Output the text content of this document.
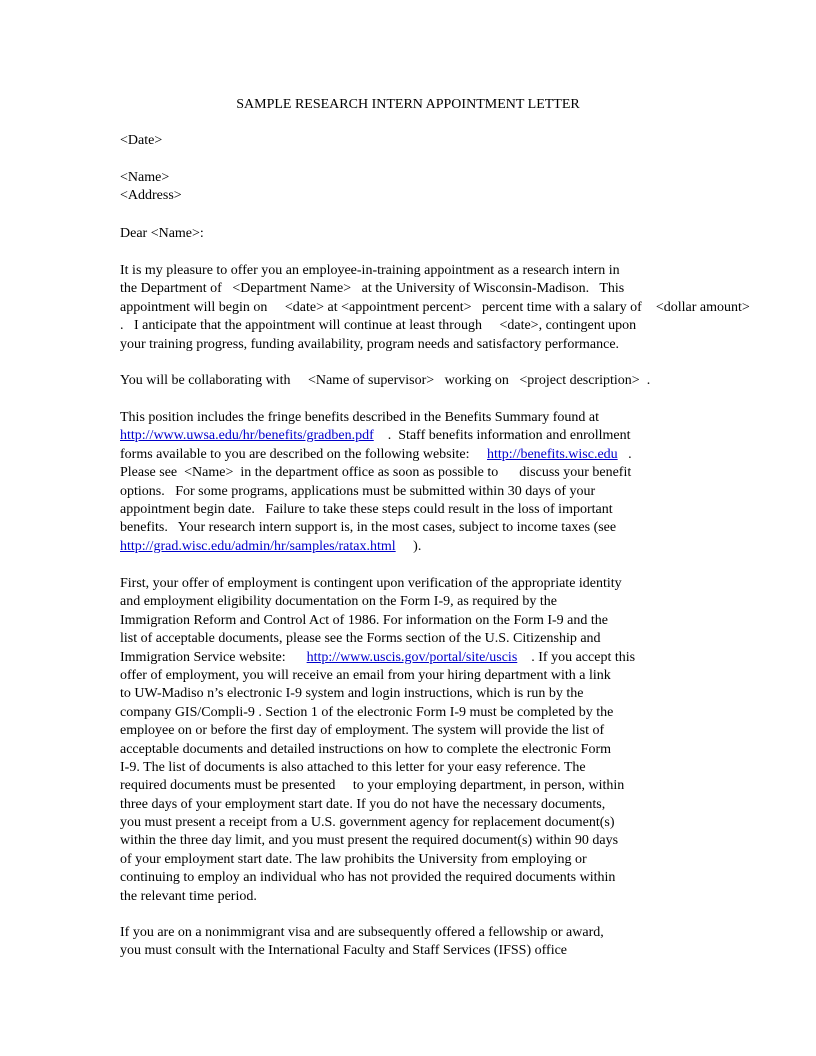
SAMPLE RESEARCH INTERN APPOINTMENT LETTER
<Date>
<Name>
<Address>
Dear <Name>:
It is my pleasure to offer you an employee-in-training appointment as a research intern in
the Department of   <Department Name>   at the University of Wisconsin-Madison.   This
appointment will begin on     <date> at <appointment percent>   percent time with a salary of    <dollar amount>
.   I anticipate that the appointment will continue at least through     <date>, contingent upon
your training progress, funding availability, program needs and satisfactory performance.
You will be collaborating with     <Name of supervisor>   working on   <project description>  .
This position includes the fringe benefits described in the Benefits Summary found at
http://www.uwsa.edu/hr/benefits/gradben.pdf    .  Staff benefits information and enrollment
forms available to you are described on the following website: http://benefits.wisc.edu   .
Please see  <Name>  in the department office as soon as possible to      discuss your benefit
options.   For some programs, applications must be submitted within 30 days of your
appointment begin date.   Failure to take these steps could result in the loss of important
benefits.   Your research intern support is, in the most cases, subject to income taxes (see
http://grad.wisc.edu/admin/hr/samples/ratax.html     ).
First, your offer of employment is contingent upon verification of the appropriate identity
and employment eligibility documentation on the Form I-9, as required by the
Immigration Reform and Control Act of 1986. For information on the Form I-9 and the
list of acceptable documents, please see the Forms section of the U.S. Citizenship and
Immigration Service website: http://www.uscis.gov/portal/site/uscis    . If you accept this
offer of employment, you will receive an email from your hiring department with a link
to UW-Madiso n’s electronic I-9 system and login instructions, which is run by the
company GIS/Compli-9 . Section 1 of the electronic Form I-9 must be completed by the
employee on or before the first day of employment. The system will provide the list of
acceptable documents and detailed instructions on how to complete the electronic Form
I-9. The list of documents is also attached to this letter for your easy reference. The
required documents must be presented     to your employing department, in person, within
three days of your employment start date. If you do not have the necessary documents,
you must present a receipt from a U.S. government agency for replacement document(s)
within the three day limit, and you must present the required document(s) within 90 days
of your employment start date. The law prohibits the University from employing or
continuing to employ an individual who has not provided the required documents within
the relevant time period.
If you are on a nonimmigrant visa and are subsequently offered a fellowship or award,
you must consult with the International Faculty and Staff Services (IFSS) office
